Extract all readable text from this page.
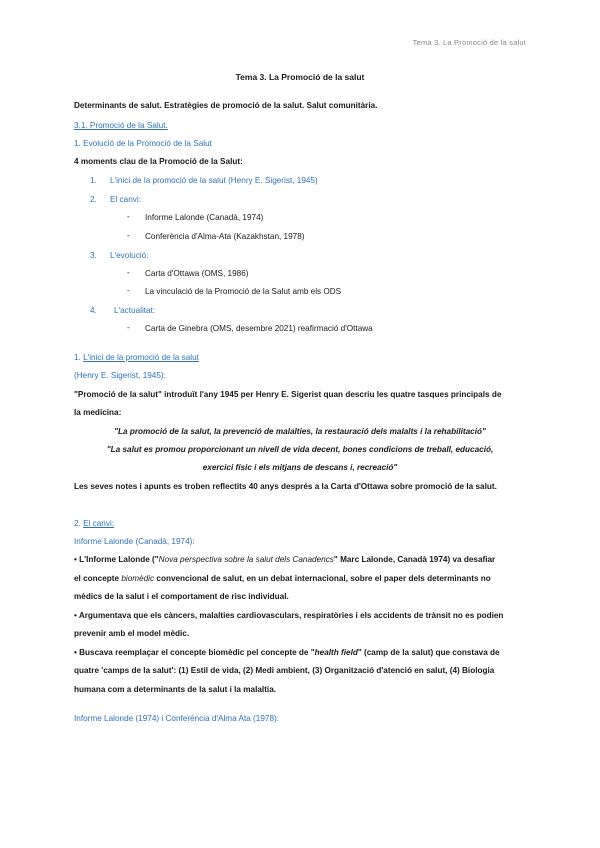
Tema 3. La Promoció de la salut
Tema 3. La Promoció de la salut
Determinants de salut. Estratègies de promoció de la salut. Salut comunitària.
3.1. Promoció de la Salut.
1. Evolució de la Promoció de la Salut
4 moments clau de la Promoció de la Salut:
1. L'inici de la promoció de la salut (Henry E. Sigerist, 1945)
2. El canvi:
- Informe Lalonde (Canadà, 1974)
- Conferència d'Alma-Ata (Kazakhstan, 1978)
3. L'evolució:
- Carta d'Ottawa (OMS, 1986)
- La vinculació de la Promoció de la Salut amb els ODS
4. L'actualitat:
- Carta de Ginebra (OMS, desembre 2021) reafirmació d'Ottawa
1. L'inici de la promoció de la salut
(Henry E. Sigerist, 1945):
"Promoció de la salut" introduït l'any 1945 per Henry E. Sigerist quan descriu les quatre tasques principals de
la medicina:
"La promoció de la salut, la prevenció de malalties, la restauració dels malalts i la rehabilitació"
"La salut es promou proporcionant un nivell de vida decent, bones condicions de treball, educació,
exercici físic i els mitjans de descans i, recreació"
Les seves notes i apunts es troben reflectits 40 anys després a la Carta d'Ottawa sobre promoció de la salut.
2. El canvi:
Informe Lalonde (Canadà, 1974):
• L'Informe Lalonde ("Nova perspectiva sobre la salut dels Canadencs" Marc Lalonde, Canadà 1974) va desafiar
el concepte biomèdic convencional de salut, en un debat internacional, sobre el paper dels determinants no
mèdics de la salut i el comportament de risc individual.
• Argumentava que els càncers, malalties cardiovasculars, respiratòries i els accidents de trànsit no es podien
prevenir amb el model mèdic.
• Buscava reemplaçar el concepte biomèdic pel concepte de "health field" (camp de la salut) que constava de
quatre 'camps de la salut': (1) Estil de vida, (2) Medi ambient, (3) Organització d'atenció en salut, (4) Biologia
humana com a determinants de la salut i la malaltia.
Informe Lalonde (1974) i Conferència d'Alma Ata (1978):
